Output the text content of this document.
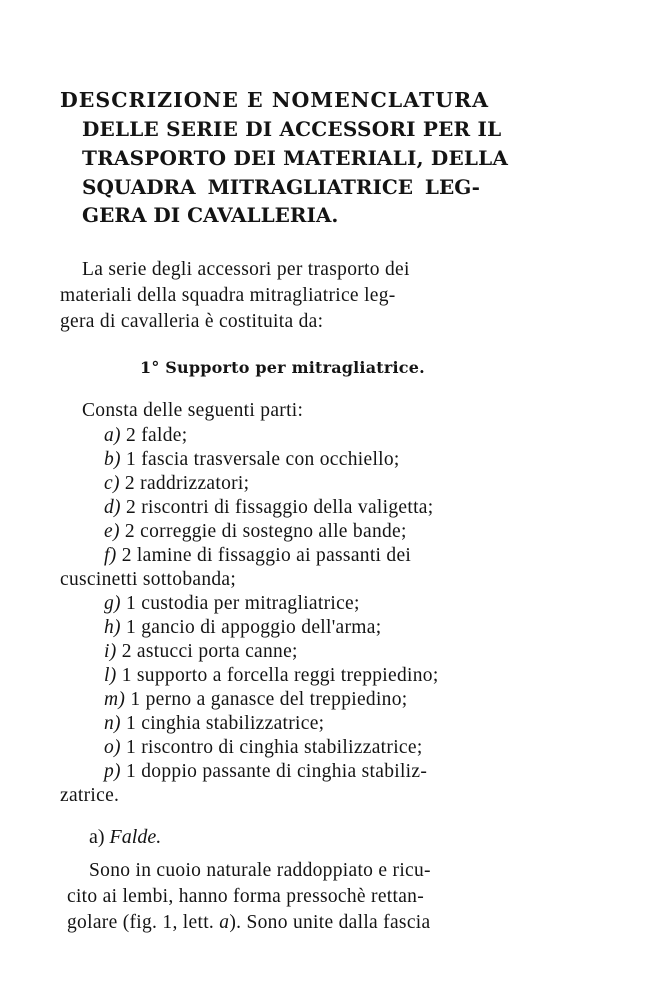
DESCRIZIONE E NOMENCLATURA
DELLE SERIE DI ACCESSORI PER IL
TRASPORTO DEI MATERIALI, DELLA
SQUADRA MITRAGLIATRICE LEG-
GERA DI CAVALLERIA.
La serie degli accessori per trasporto dei
materiali della squadra mitragliatrice leg-
gera di cavalleria è costituita da:
1° Supporto per mitragliatrice.
Consta delle seguenti parti:
a) 2 falde;
b) 1 fascia trasversale con occhiello;
c) 2 raddrizzatori;
d) 2 riscontri di fissaggio della valigetta;
e) 2 correggie di sostegno alle bande;
f) 2 lamine di fissaggio ai passanti dei
cuscinetti sottobanda;
g) 1 custodia per mitragliatrice;
h) 1 gancio di appoggio dell'arma;
i) 2 astucci porta canne;
l) 1 supporto a forcella reggi treppiedino;
m) 1 perno a ganasce del treppiedino;
n) 1 cinghia stabilizzatrice;
o) 1 riscontro di cinghia stabilizzatrice;
p) 1 doppio passante di cinghia stabiliz-
zatrice.
a) Falde.
Sono in cuoio naturale raddoppiato e ricu-
cito ai lembi, hanno forma pressochè rettan-
golare (fig. 1, lett. a). Sono unite dalla fascia
